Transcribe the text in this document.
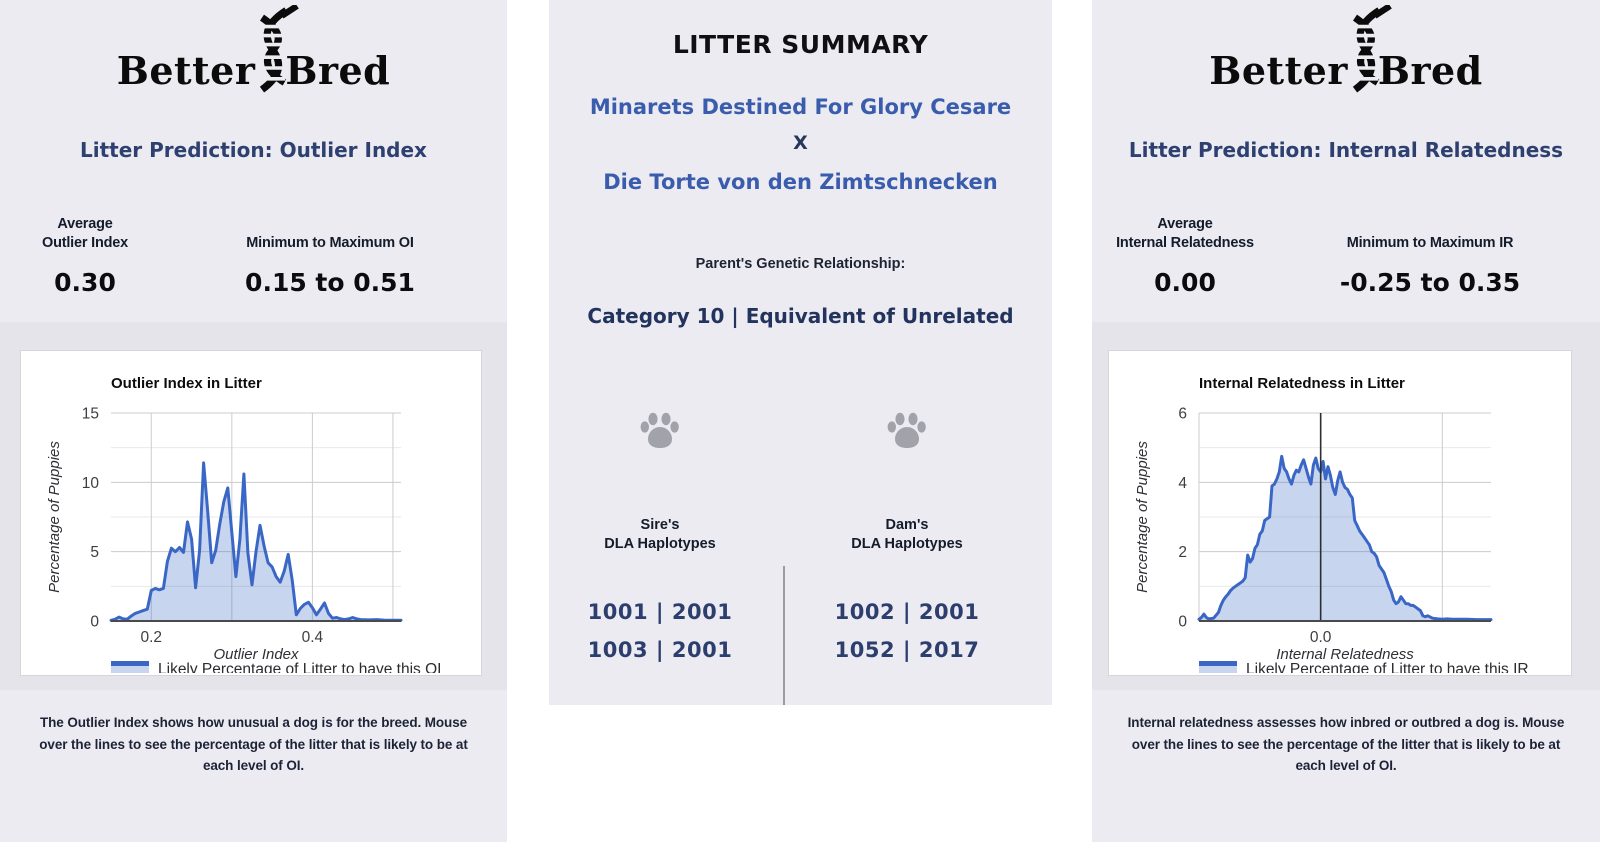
Better Bred
Litter Prediction: Outlier Index
Average
Outlier Index
0.30
Minimum to Maximum OI
0.15 to 0.51
0
5
10
15
0.2	0.4
Outlier Index in Litter
Percentage of Puppies
Outlier Index
Likely Percentage of Litter to have this OI
The Outlier Index shows how unusual a dog is for the breed. Mouse over the lines to see the percentage of the litter that is likely to be at each level of OI.
LITTER SUMMARY
Minarets Destined For Glory Cesare
X
Die Torte von den Zimtschnecken
Parent's Genetic Relationship:
Category 10 | Equivalent of Unrelated
Sire's
DLA Haplotypes
Dam's
DLA Haplotypes
1001 | 2001
1003 | 2001
1002 | 2001
1052 | 2017
Better Bred
Litter Prediction: Internal Relatedness
Average
Internal Relatedness
0.00
Minimum to Maximum IR
-0.25 to 0.35
0
2
4
6
0.0
Internal Relatedness in Litter
Percentage of Puppies
Internal Relatedness
Likely Percentage of Litter to have this IR
Internal relatedness assesses how inbred or outbred a dog is. Mouse over the lines to see the percentage of the litter that is likely to be at each level of OI.
